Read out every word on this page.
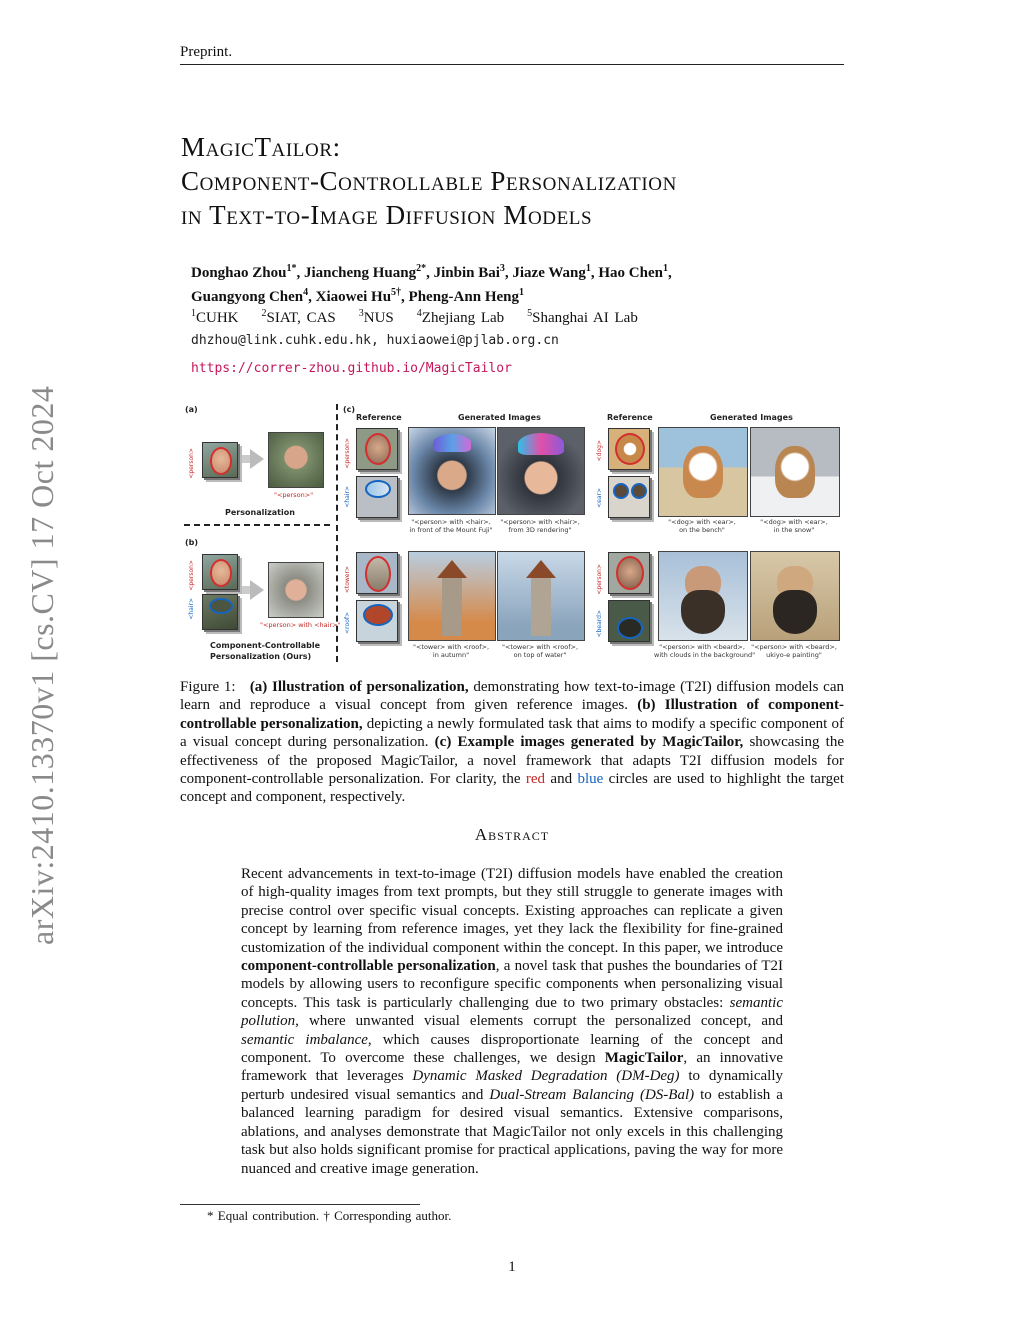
Preprint.
arXiv:2410.13370v1 [cs.CV] 17 Oct 2024
MagicTailor:
Component-Controllable Personalization
in Text-to-Image Diffusion Models
Donghao Zhou$^{1*}$, Jiancheng Huang$^{2*}$, Jinbin Bai$^3$, Jiaze Wang$^1$, Hao Chen$^1$,
Guangyong Chen$^4$, Xiaowei $Hu^{5\dagger}$, Pheng-Ann Heng$^1$
$^1$CUHK $^2$SIAT, CAS $^3$NUS $^4$Zhejiang Lab $^5$Shanghai AI Lab
dhzhou@link.cuhk.edu.hk, huxiaowei@pjlab.org.cn
https://correr-zhou.github.io/MagicTailor
(a)
<person>
"<person>"
Personalization
(b)
<person>
<hair>
"<person> with <hair>"
Component-Controllable
Personalization (Ours)
(c)
Reference	Generated Images	Reference	Generated Images
<person>
<hair>
"<person> with <hair>,
in front of the Mount Fuji"
"<person> with <hair>,
from 3D rendering"
<dog>
<ear>
"<dog> with <ear>,
on the bench"
"<dog> with <ear>,
in the snow"
<tower>
<roof>
"<tower> with <roof>,
in autumn"
"<tower> with <roof>,
on top of water"
<person>
<beard>
"<person> with <beard>,
with clouds in the background"
"<person> with <beard>,
ukiyo-e painting"
Figure 1: (a) Illustration of personalization, demonstrating how text-to-image (T2I) diffusion models can learn and reproduce a visual concept from given reference images. (b) Illustration of component-controllable personalization, depicting a newly formulated task that aims to modify a specific component of a visual concept during personalization. (c) Example images generated by MagicTailor, showcasing the effectiveness of the proposed MagicTailor, a novel framework that adapts T2I diffusion models for component-controllable personalization. For clarity, the red and blue circles are used to highlight the target concept and component, respectively.
Abstract
Recent advancements in text-to-image (T2I) diffusion models have enabled the creation of high-quality images from text prompts, but they still struggle to generate images with precise control over specific visual concepts. Existing approaches can replicate a given concept by learning from reference images, yet they lack the flexibility for fine-grained customization of the individual component within the concept. In this paper, we introduce component-controllable personalization, a novel task that pushes the boundaries of T2I models by allowing users to reconfigure specific components when personalizing visual concepts. This task is particularly challenging due to two primary obstacles: semantic pollution, where unwanted visual elements corrupt the personalized concept, and semantic imbalance, which causes disproportionate learning of the concept and component. To overcome these challenges, we design MagicTailor, an innovative framework that leverages Dynamic Masked Degradation (DM-Deg) to dynamically perturb undesired visual semantics and Dual-Stream Balancing (DS-Bal) to establish a balanced learning paradigm for desired visual semantics. Extensive comparisons, ablations, and analyses demonstrate that MagicTailor not only excels in this challenging task but also holds significant promise for practical applications, paving the way for more nuanced and creative image generation.
* Equal contribution. † Corresponding author.
1
